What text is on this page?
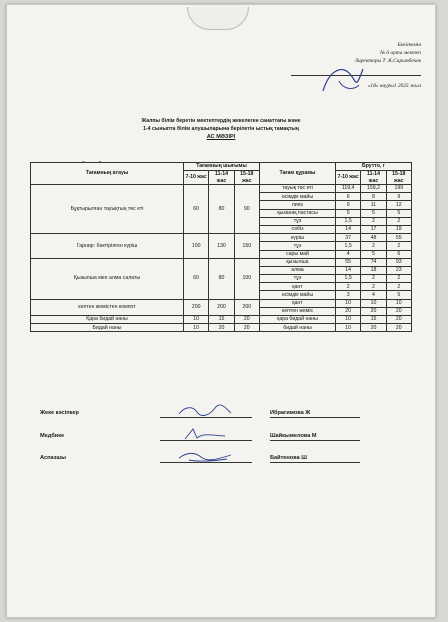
Бекітемін
№ 6 орта мектеп
директоры Т .К.Сарыпбеков
«18» науры1 2025 жыл
Жалпы білім беретін мектептердің жекелеген санаттағы және
1-4 сыныпта білім алушыларына берілетін ыстық тамақтың
АС МӘЗІРІ
Тағамның атауы	Тағамның шығымы			Тағам құрамы	Брутто, г		
	7-10 жас	11-14 жас	15-18 жас		7-10 жас	11-14 жас	15-18 жас
Бұқтырылған тауықтың төс еті	60	80	90	тауық төс еті	119,4	159,2	199
				өсімдік майы	6	8	9
				пияз	9	11	12
				қызанақ пастасы	5	5	5
				тұз	1,5	2	2
				сәбіз	14	17	19
Гарнир: бөктірілген күріш	100	130	150	күріш	37	48	55
				тұз	1,5	2	2
				сары май	4	5	6
Қызылша мен алма салаты	60	80	100	қызылша	55	74	93
				алма	14	18	23
				тұз	1,5	2	2
				қант	2	2	2
				өсімдік майы	3	4	5
кептен жемістен компот	200	200	200	қант	10	10	10
				кептен жеміс	20	20	20
Қара бидай наны	10	15	20	қара бидай наны	10	15	20
Бидай наны	10	20	20	бидай наны	10	20	20
Жеке кәсіпкер	Ибрагимова Ж
Медбике	Шайкымелова М
Аспазшы	Байтенова Ш
